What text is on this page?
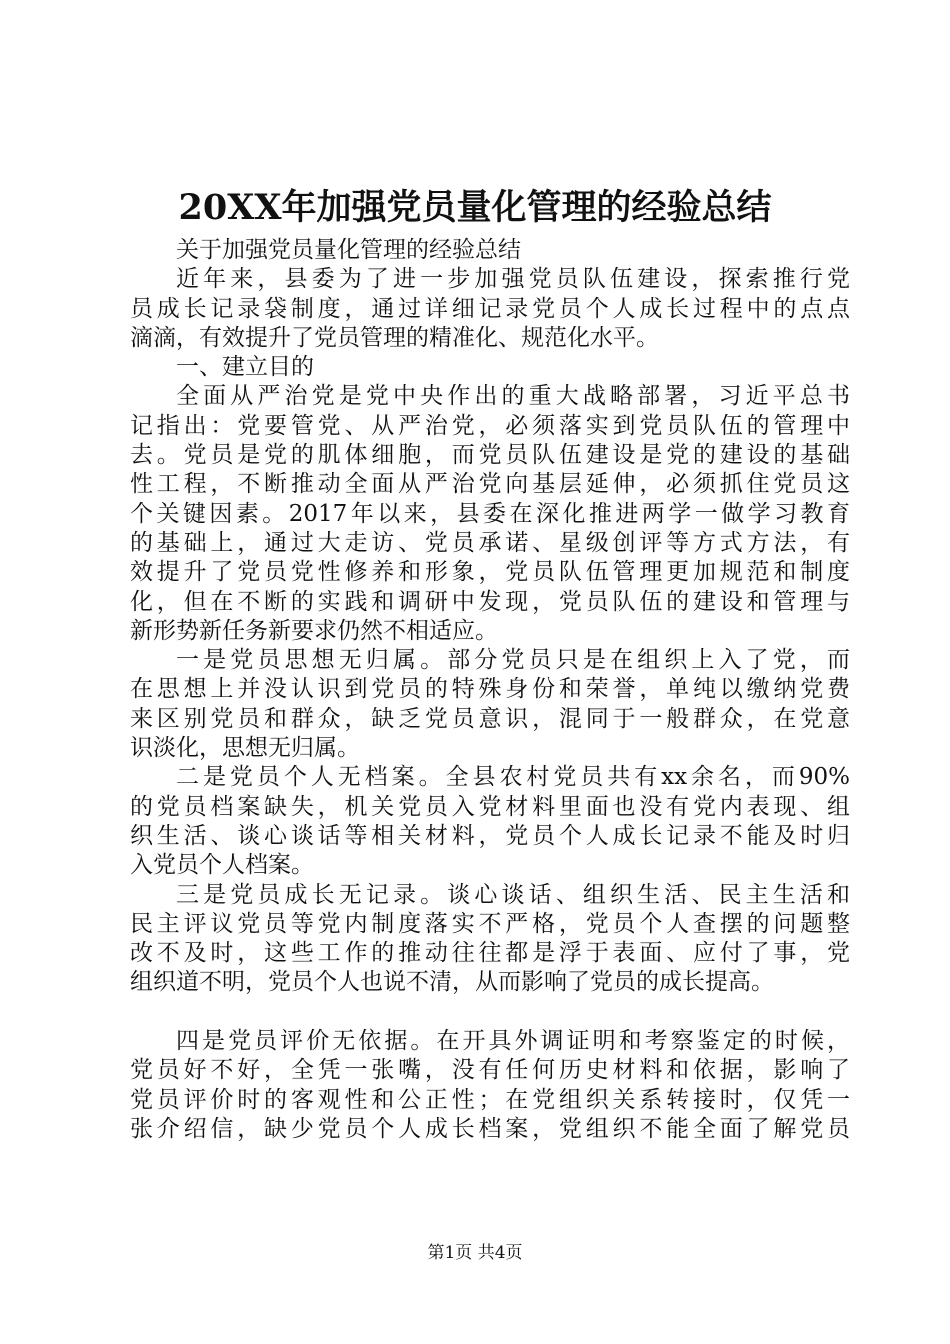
20XX年加强党员量化管理的经验总结
关于加强党员量化管理的经验总结
近年来，县委为了进一步加强党员队伍建设，探索推行党
员成长记录袋制度，通过详细记录党员个人成长过程中的点点
滴滴，有效提升了党员管理的精准化、规范化水平。
一、建立目的
全面从严治党是党中央作出的重大战略部署，习近平总书
记指出：党要管党、从严治党，必须落实到党员队伍的管理中
去。党员是党的肌体细胞，而党员队伍建设是党的建设的基础
性工程，不断推动全面从严治党向基层延伸，必须抓住党员这
个关键因素。2017年以来，县委在深化推进两学一做学习教育
的基础上，通过大走访、党员承诺、星级创评等方式方法，有
效提升了党员党性修养和形象，党员队伍管理更加规范和制度
化，但在不断的实践和调研中发现，党员队伍的建设和管理与
新形势新任务新要求仍然不相适应。
一是党员思想无归属。部分党员只是在组织上入了党，而
在思想上并没认识到党员的特殊身份和荣誉，单纯以缴纳党费
来区别党员和群众，缺乏党员意识，混同于一般群众，在党意
识淡化，思想无归属。
二是党员个人无档案。全县农村党员共有xx余名，而90%
的党员档案缺失，机关党员入党材料里面也没有党内表现、组
织生活、谈心谈话等相关材料，党员个人成长记录不能及时归
入党员个人档案。
三是党员成长无记录。谈心谈话、组织生活、民主生活和
民主评议党员等党内制度落实不严格，党员个人查摆的问题整
改不及时，这些工作的推动往往都是浮于表面、应付了事，党
组织道不明，党员个人也说不清，从而影响了党员的成长提高。
四是党员评价无依据。在开具外调证明和考察鉴定的时候，
党员好不好，全凭一张嘴，没有任何历史材料和依据，影响了
党员评价时的客观性和公正性；在党组织关系转接时，仅凭一
张介绍信，缺少党员个人成长档案，党组织不能全面了解党员
第1页 共4页
